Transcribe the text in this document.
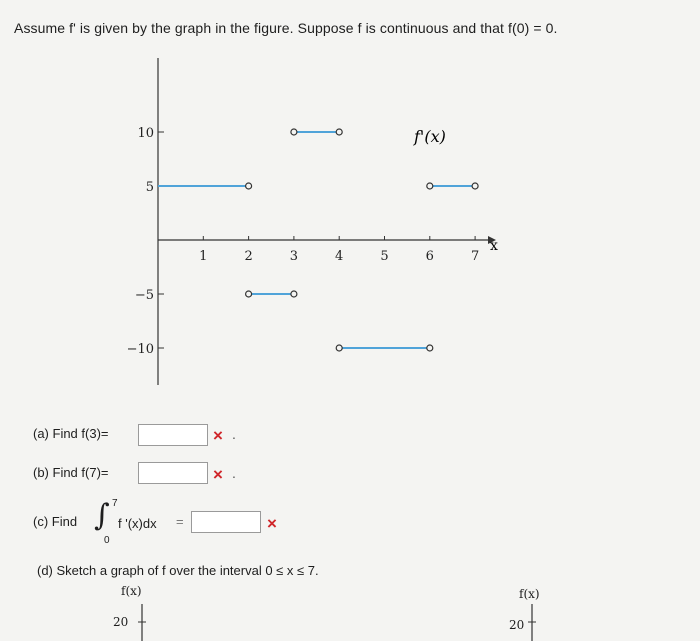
Assume f' is given by the graph in the figure. Suppose f is continuous and that f(0) = 0.
10
5
−5
−10
1	2	3	4	5	6	7
x
f'(x)
(a) Find f(3)=	× .
(b) Find f(7)=	× .
(c) Find ∫ 7
0
f '(x)dx =	×
(d) Sketch a graph of f over the interval 0 ≤ x ≤ 7.
f(x)
20
f(x)
20
